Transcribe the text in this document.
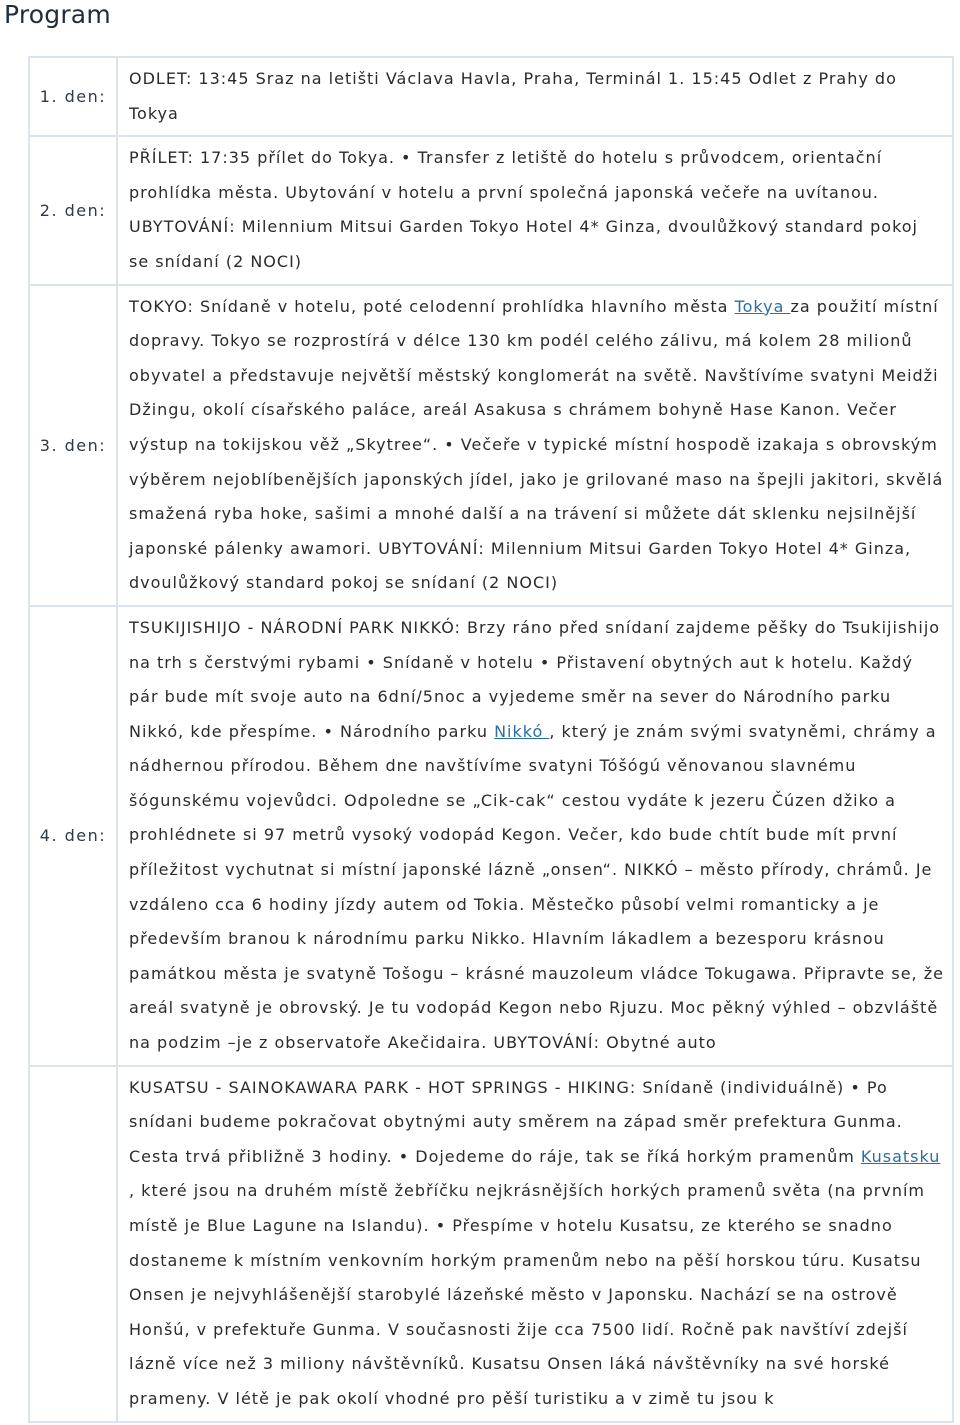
Program
1. den:	ODLET: 13:45 Sraz na letišti Václava Havla, Praha, Terminál 1. 15:45 Odlet z Prahy do Tokya
2. den:	PŘÍLET: 17:35 přílet do Tokya. • Transfer z letiště do hotelu s průvodcem, orientační prohlídka města. Ubytování v hotelu a první společná japonská večeře na uvítanou. UBYTOVÁNÍ: Milennium Mitsui Garden Tokyo Hotel 4* Ginza, dvoulůžkový standard pokoj se snídaní (2 NOCI)
3. den:	TOKYO: Snídaně v hotelu, poté celodenní prohlídka hlavního města Tokya za použití místní dopravy. Tokyo se rozprostírá v délce 130 km podél celého zálivu, má kolem 28 milionů obyvatel a představuje největší městský konglomerát na světě. Navštívíme svatyni Meidži Džingu, okolí císařského paláce, areál Asakusa s chrámem bohyně Hase Kanon. Večer výstup na tokijskou věž „Skytree“. • Večeře v typické místní hospodě izakaja s obrovským výběrem nejoblíbenějších japonských jídel, jako je grilované maso na špejli jakitori, skvělá smažená ryba hoke, sašimi a mnohé další a na trávení si můžete dát sklenku nejsilnější japonské pálenky awamori. UBYTOVÁNÍ: Milennium Mitsui Garden Tokyo Hotel 4* Ginza, dvoulůžkový standard pokoj se snídaní (2 NOCI)
4. den:	TSUKIJISHIJO - NÁRODNÍ PARK NIKKÓ: Brzy ráno před snídaní zajdeme pěšky do Tsukijishijo na trh s čerstvými rybami • Snídaně v hotelu • Přistavení obytných aut k hotelu. Každý pár bude mít svoje auto na 6dní/5noc a vyjedeme směr na sever do Národního parku Nikkó, kde přespíme. • Národního parku Nikkó , který je znám svými svatyněmi, chrámy a nádhernou přírodou. Během dne navštívíme svatyni Tóšógú věnovanou slavnému šógunskému vojevůdci. Odpoledne se „Cik-cak“ cestou vydáte k jezeru Čúzen džiko a prohlédnete si 97 metrů vysoký vodopád Kegon. Večer, kdo bude chtít bude mít první příležitost vychutnat si místní japonské lázně „onsen“. NIKKÓ – město přírody, chrámů. Je vzdáleno cca 6 hodiny jízdy autem od Tokia. Městečko působí velmi romanticky a je především branou k národnímu parku Nikko. Hlavním lákadlem a bezesporu krásnou památkou města je svatyně Tošogu – krásné mauzoleum vládce Tokugawa. Připravte se, že areál svatyně je obrovský. Je tu vodopád Kegon nebo Rjuzu. Moc pěkný výhled – obzvláště na podzim –je z observatoře Akečidaira. UBYTOVÁNÍ: Obytné auto
	KUSATSU - SAINOKAWARA PARK - HOT SPRINGS - HIKING: Snídaně (individuálně) • Po snídani budeme pokračovat obytnými auty směrem na západ směr prefektura Gunma. Cesta trvá přibližně 3 hodiny. • Dojedeme do ráje, tak se říká horkým pramenům Kusatsku , které jsou na druhém místě žebříčku nejkrásnějších horkých pramenů světa (na prvním místě je Blue Lagune na Islandu). • Přespíme v hotelu Kusatsu, ze kterého se snadno dostaneme k místním venkovním horkým pramenům nebo na pěší horskou túru. Kusatsu Onsen je nejvyhlášenější starobylé lázeňské město v Japonsku. Nachází se na ostrově Honšú, v prefektuře Gunma. V současnosti žije cca 7500 lidí. Ročně pak navštíví zdejší lázně více než 3 miliony návštěvníků. Kusatsu Onsen láká návštěvníky na své horské prameny. V létě je pak okolí vhodné pro pěší turistiku a v zimě tu jsou k
